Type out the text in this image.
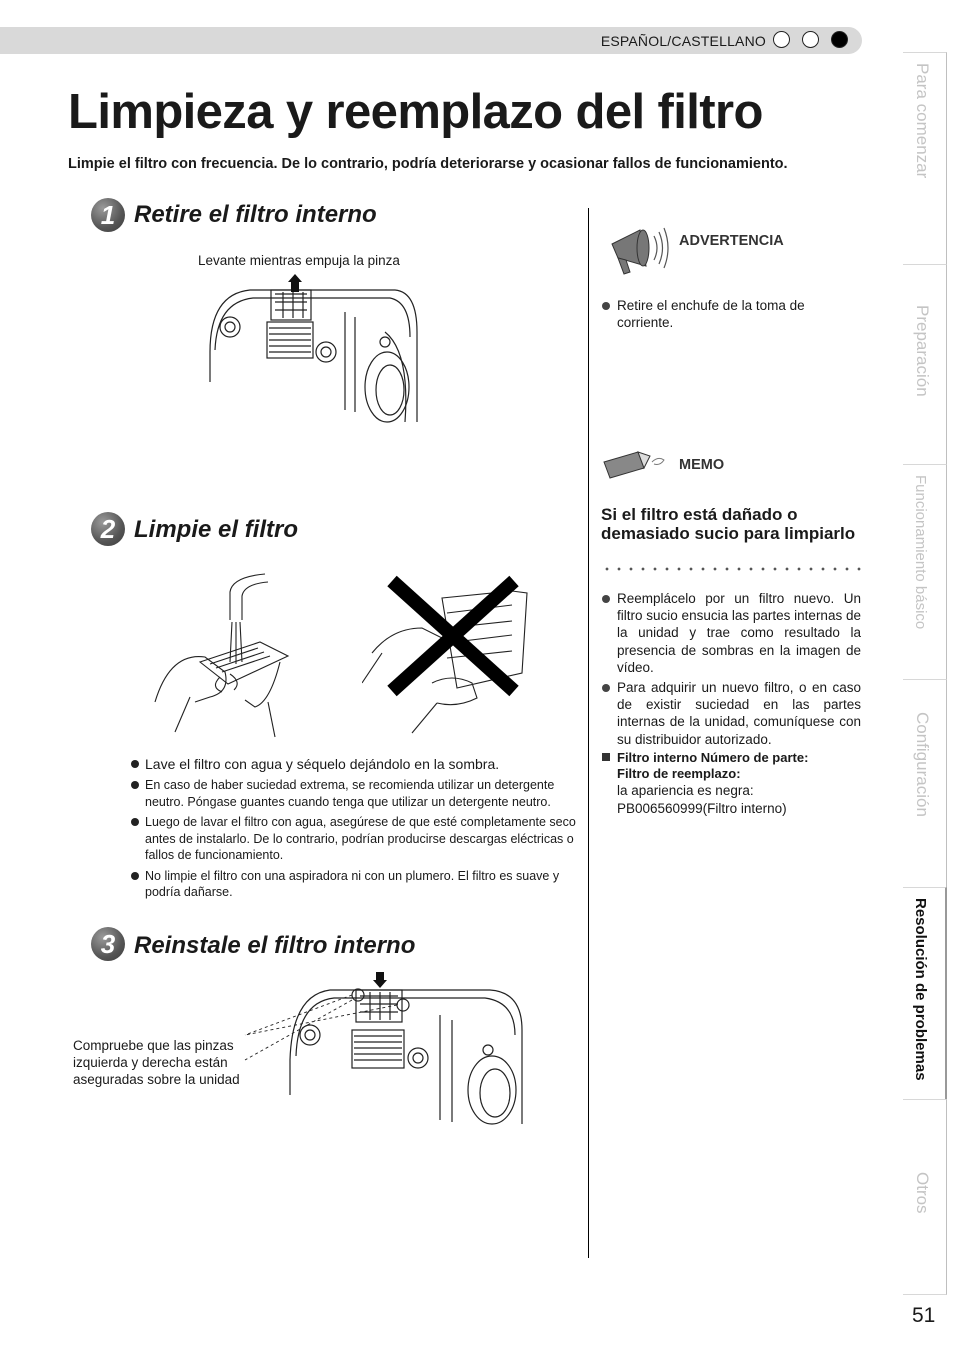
ESPAÑOL/CASTELLANO
Limpieza y reemplazo del filtro
Limpie el filtro con frecuencia. De lo contrario, podría deteriorarse y ocasionar fallos de funcionamiento.
1 Retire el filtro interno
Levante mientras empuja la pinza
2 Limpie el filtro
Lave el filtro con agua y séquelo dejándolo en la sombra.
En caso de haber suciedad extrema, se recomienda utilizar un detergente neutro. Póngase guantes cuando tenga que utilizar un detergente neutro.
Luego de lavar el filtro con agua, asegúrese de que esté completamente seco antes de instalarlo. De lo contrario, podrían producirse descargas eléctricas o fallos de funcionamiento.
No limpie el filtro con una aspiradora ni con un plumero. El filtro es suave y podría dañarse.
3 Reinstale el filtro interno
Compruebe que las pinzas izquierda y derecha están aseguradas sobre la unidad
ADVERTENCIA
Retire el enchufe de la toma de corriente.
MEMO
Si el filtro está dañado o demasiado sucio para limpiarlo
Reemplácelo por un filtro nuevo. Un filtro sucio ensucia las partes internas de la unidad y trae como resultado la presencia de sombras en la imagen de vídeo.
Para adquirir un nuevo filtro, o en caso de existir suciedad en las partes internas de la unidad, comuníquese con su distribuidor autorizado.
Filtro interno Número de parte:
Filtro de reemplazo:
la apariencia es negra:
PB006560999(Filtro interno)
Para comenzar
Preparación
Funcionamiento básico
Configuración
Resolución de problemas
Otros
51
